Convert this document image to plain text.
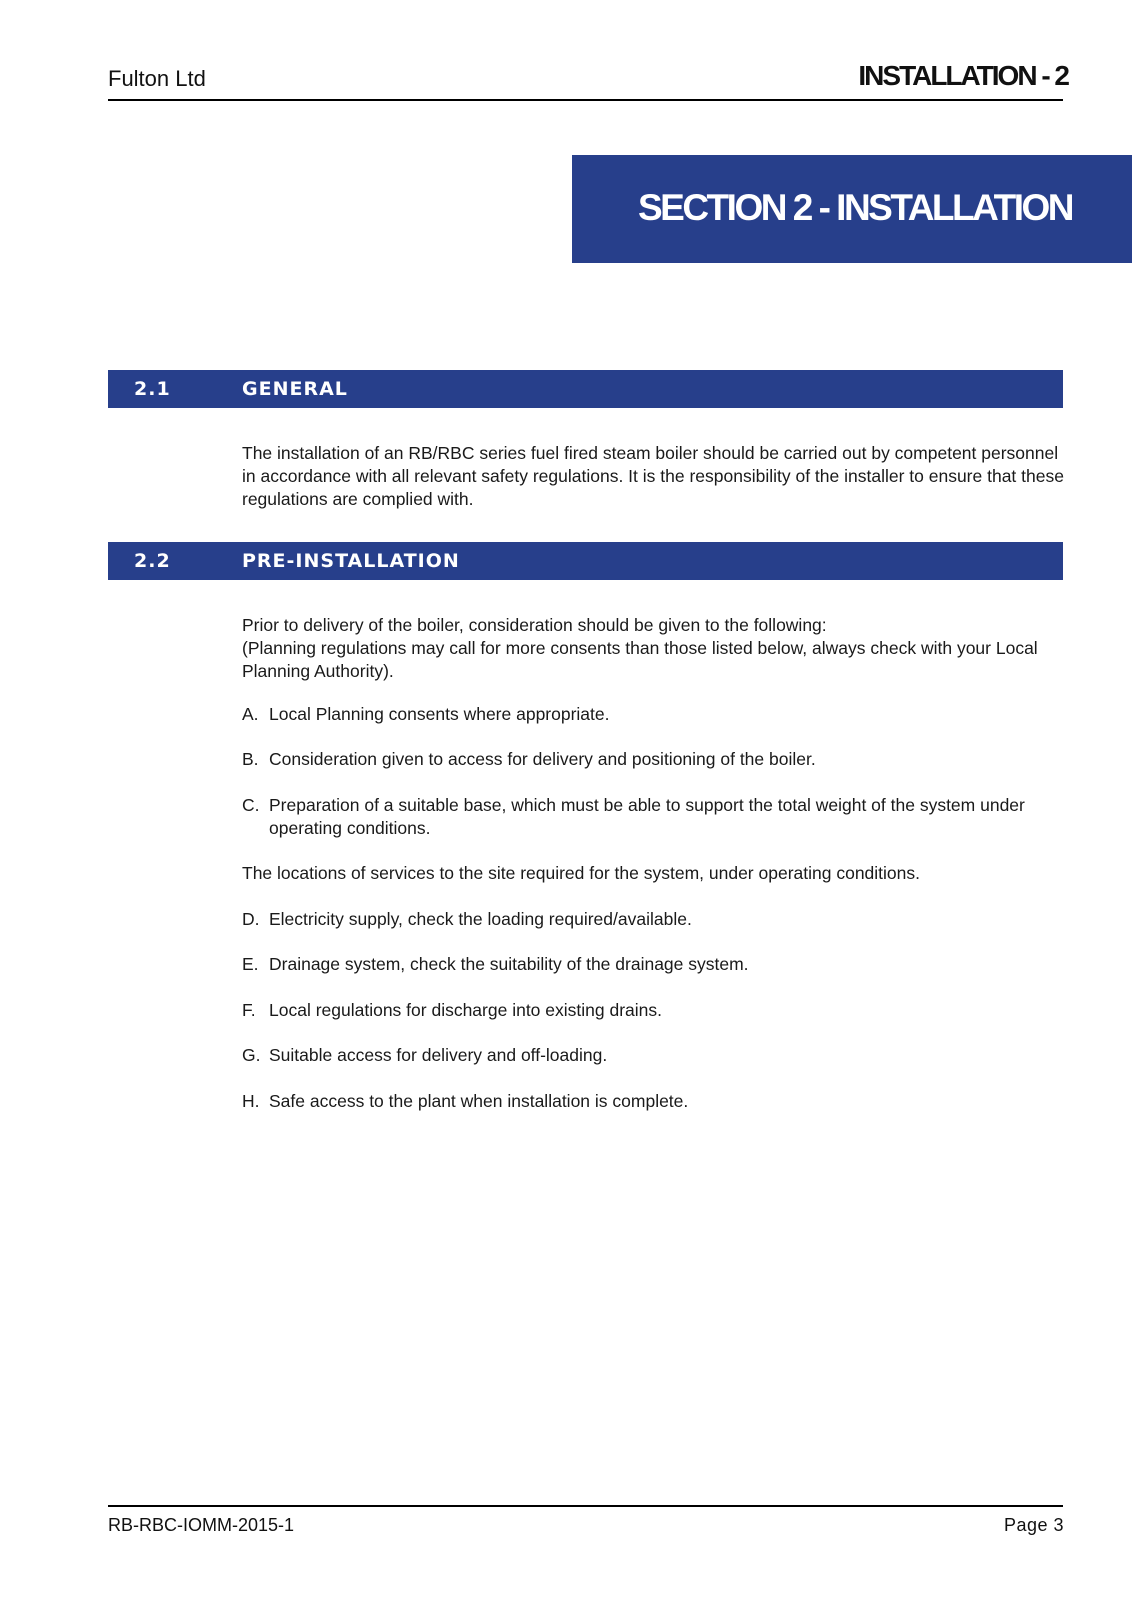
Fulton Ltd	INSTALLATION - 2
SECTION 2 - INSTALLATION
2.1	GENERAL
The installation of an RB/RBC series fuel fired steam boiler should be carried out by competent personnel in accordance with all relevant safety regulations. It is the responsibility of the installer to ensure that these regulations are complied with.
2.2	PRE-INSTALLATION
Prior to delivery of the boiler, consideration should be given to the following:
(Planning regulations may call for more consents than those listed below, always check with your Local Planning Authority).
A. Local Planning consents where appropriate.
B. Consideration given to access for delivery and positioning of the boiler.
C. Preparation of a suitable base, which must be able to support the total weight of the system under operating conditions.
The locations of services to the site required for the system, under operating conditions.
D. Electricity supply, check the loading required/available.
E. Drainage system, check the suitability of the drainage system.
F. Local regulations for discharge into existing drains.
G. Suitable access for delivery and off-loading.
H. Safe access to the plant when installation is complete.
RB-RBC-IOMM-2015-1	Page 3
